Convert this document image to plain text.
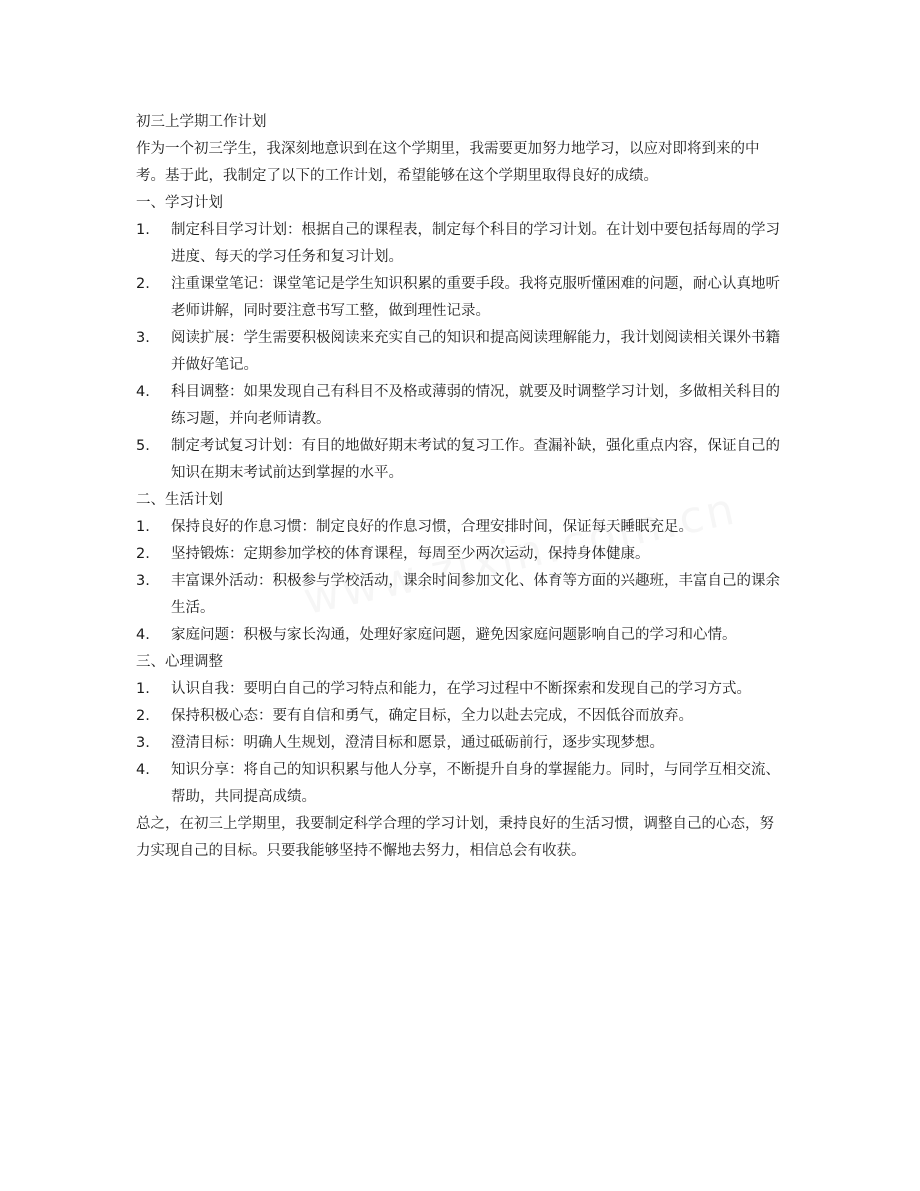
初三上学期工作计划
作为一个初三学生，我深刻地意识到在这个学期里，我需要更加努力地学习，以应对即将到来的中考。基于此，我制定了以下的工作计划，希望能够在这个学期里取得良好的成绩。
一、学习计划
1.	制定科目学习计划：根据自己的课程表，制定每个科目的学习计划。在计划中要包括每周的学习进度、每天的学习任务和复习计划。
2.	注重课堂笔记：课堂笔记是学生知识积累的重要手段。我将克服听懂困难的问题，耐心认真地听老师讲解，同时要注意书写工整，做到理性记录。
3.	阅读扩展：学生需要积极阅读来充实自己的知识和提高阅读理解能力，我计划阅读相关课外书籍并做好笔记。
4.	科目调整：如果发现自己有科目不及格或薄弱的情况，就要及时调整学习计划，多做相关科目的练习题，并向老师请教。
5.	制定考试复习计划：有目的地做好期末考试的复习工作。查漏补缺，强化重点内容，保证自己的知识在期末考试前达到掌握的水平。
二、生活计划
1.	保持良好的作息习惯：制定良好的作息习惯，合理安排时间，保证每天睡眠充足。
2.	坚持锻炼：定期参加学校的体育课程，每周至少两次运动，保持身体健康。
3.	丰富课外活动：积极参与学校活动，课余时间参加文化、体育等方面的兴趣班，丰富自己的课余生活。
4.	家庭问题：积极与家长沟通，处理好家庭问题，避免因家庭问题影响自己的学习和心情。
三、心理调整
1.	认识自我：要明白自己的学习特点和能力，在学习过程中不断探索和发现自己的学习方式。
2.	保持积极心态：要有自信和勇气，确定目标，全力以赴去完成，不因低谷而放弃。
3.	澄清目标：明确人生规划，澄清目标和愿景，通过砥砺前行，逐步实现梦想。
4.	知识分享：将自己的知识积累与他人分享，不断提升自身的掌握能力。同时，与同学互相交流、帮助，共同提高成绩。
总之，在初三上学期里，我要制定科学合理的学习计划，秉持良好的生活习惯，调整自己的心态，努力实现自己的目标。只要我能够坚持不懈地去努力，相信总会有收获。
